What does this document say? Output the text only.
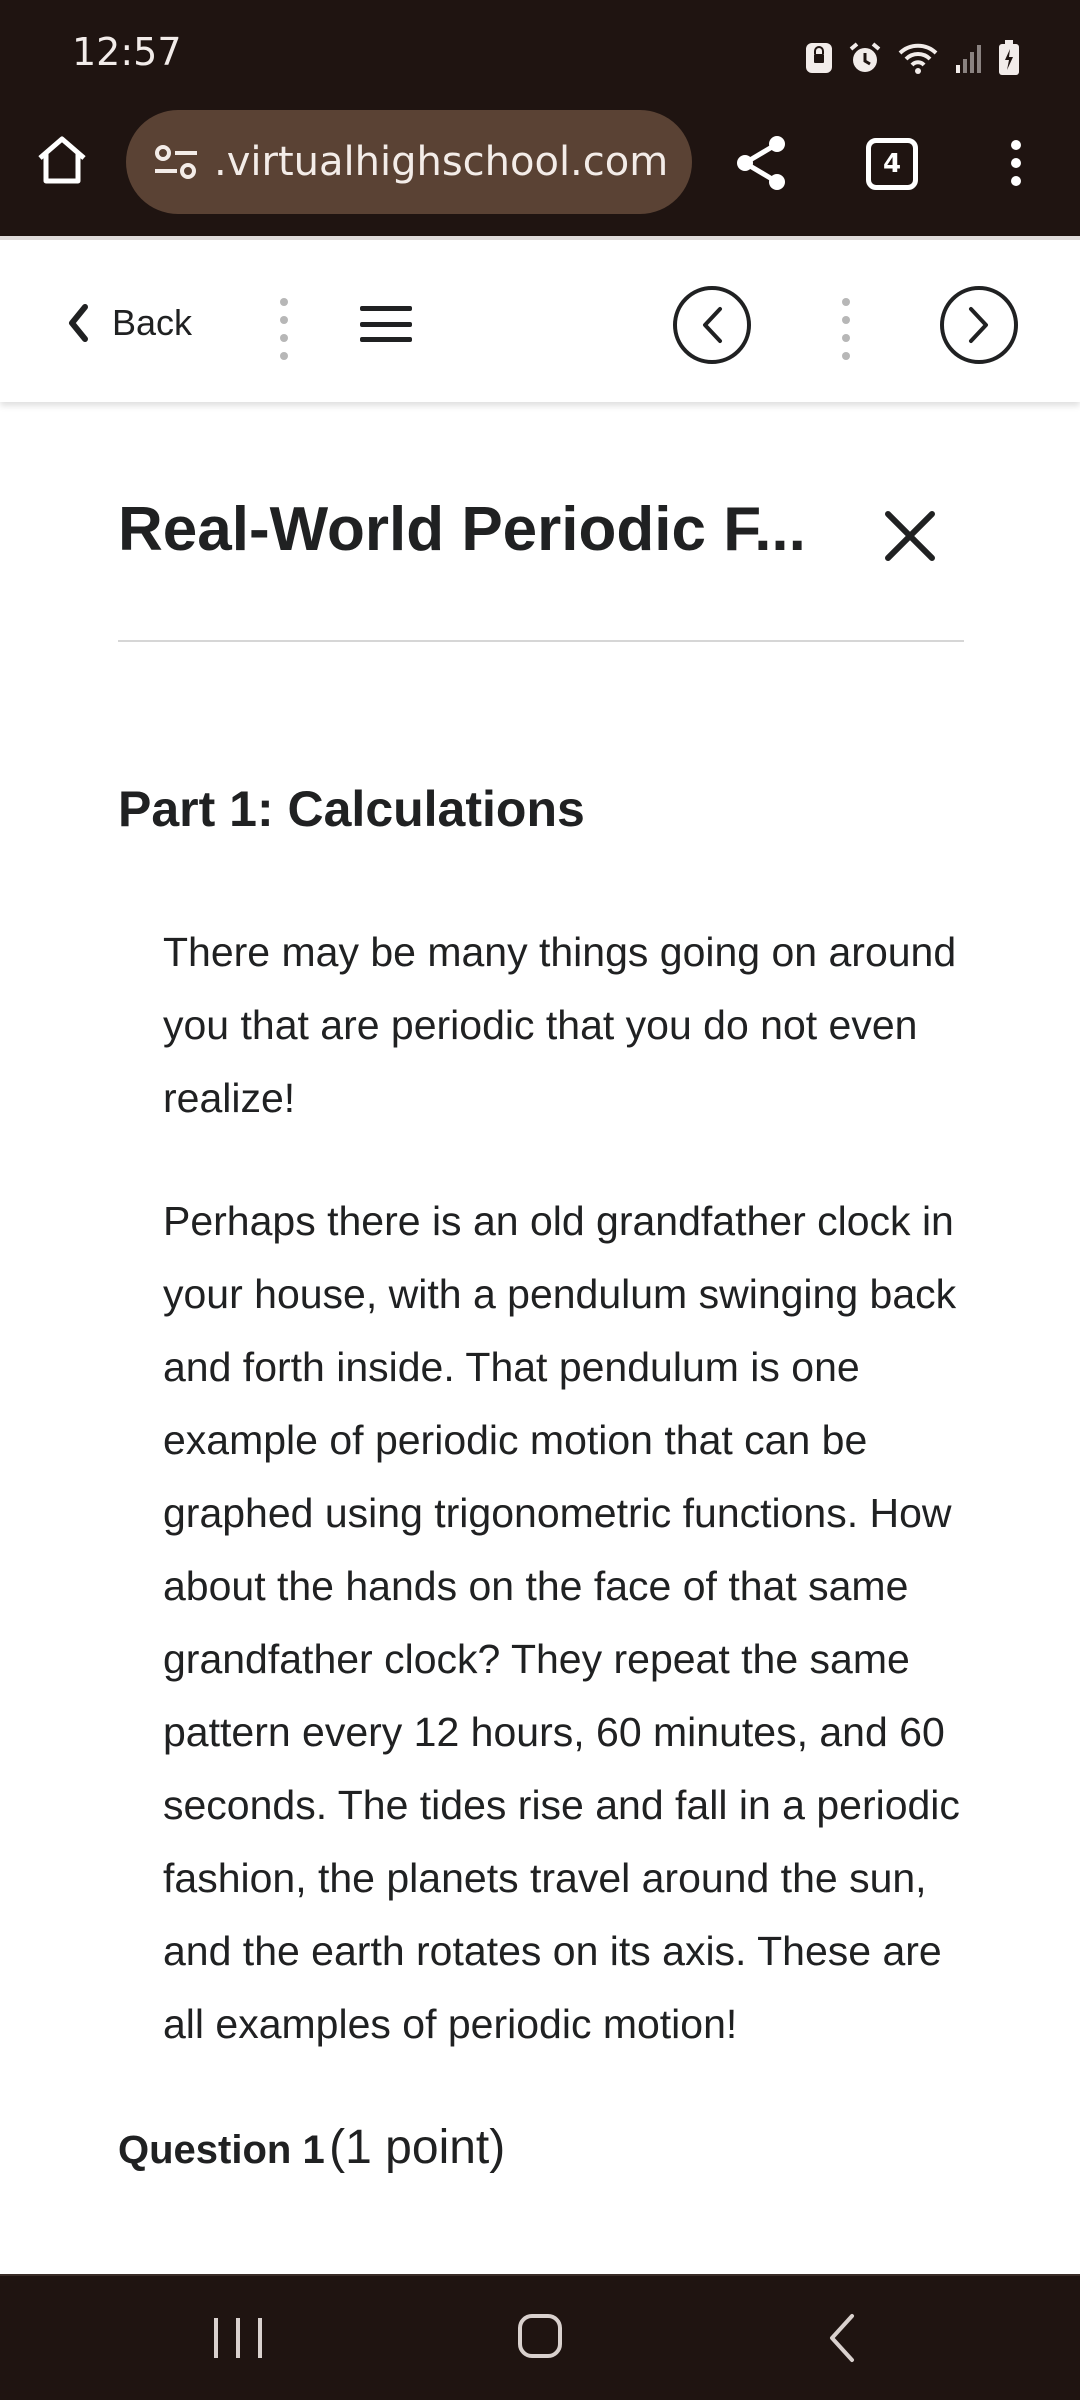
12:57
.virtualhighschool.com	4
Back
Real-World Periodic F...
Part 1: Calculations

There may be many things going on around you that are periodic that you do not even realize!

Perhaps there is an old grandfather clock in your house, with a pendulum swinging back and forth inside. That pendulum is one example of periodic motion that can be graphed using trigonometric functions. How about the hands on the face of that same grandfather clock? They repeat the same pattern every 12 hours, 60 minutes, and 60 seconds. The tides rise and fall in a periodic fashion, the planets travel around the sun, and the earth rotates on its axis. These are all examples of periodic motion!

Question 1 (1 point)
